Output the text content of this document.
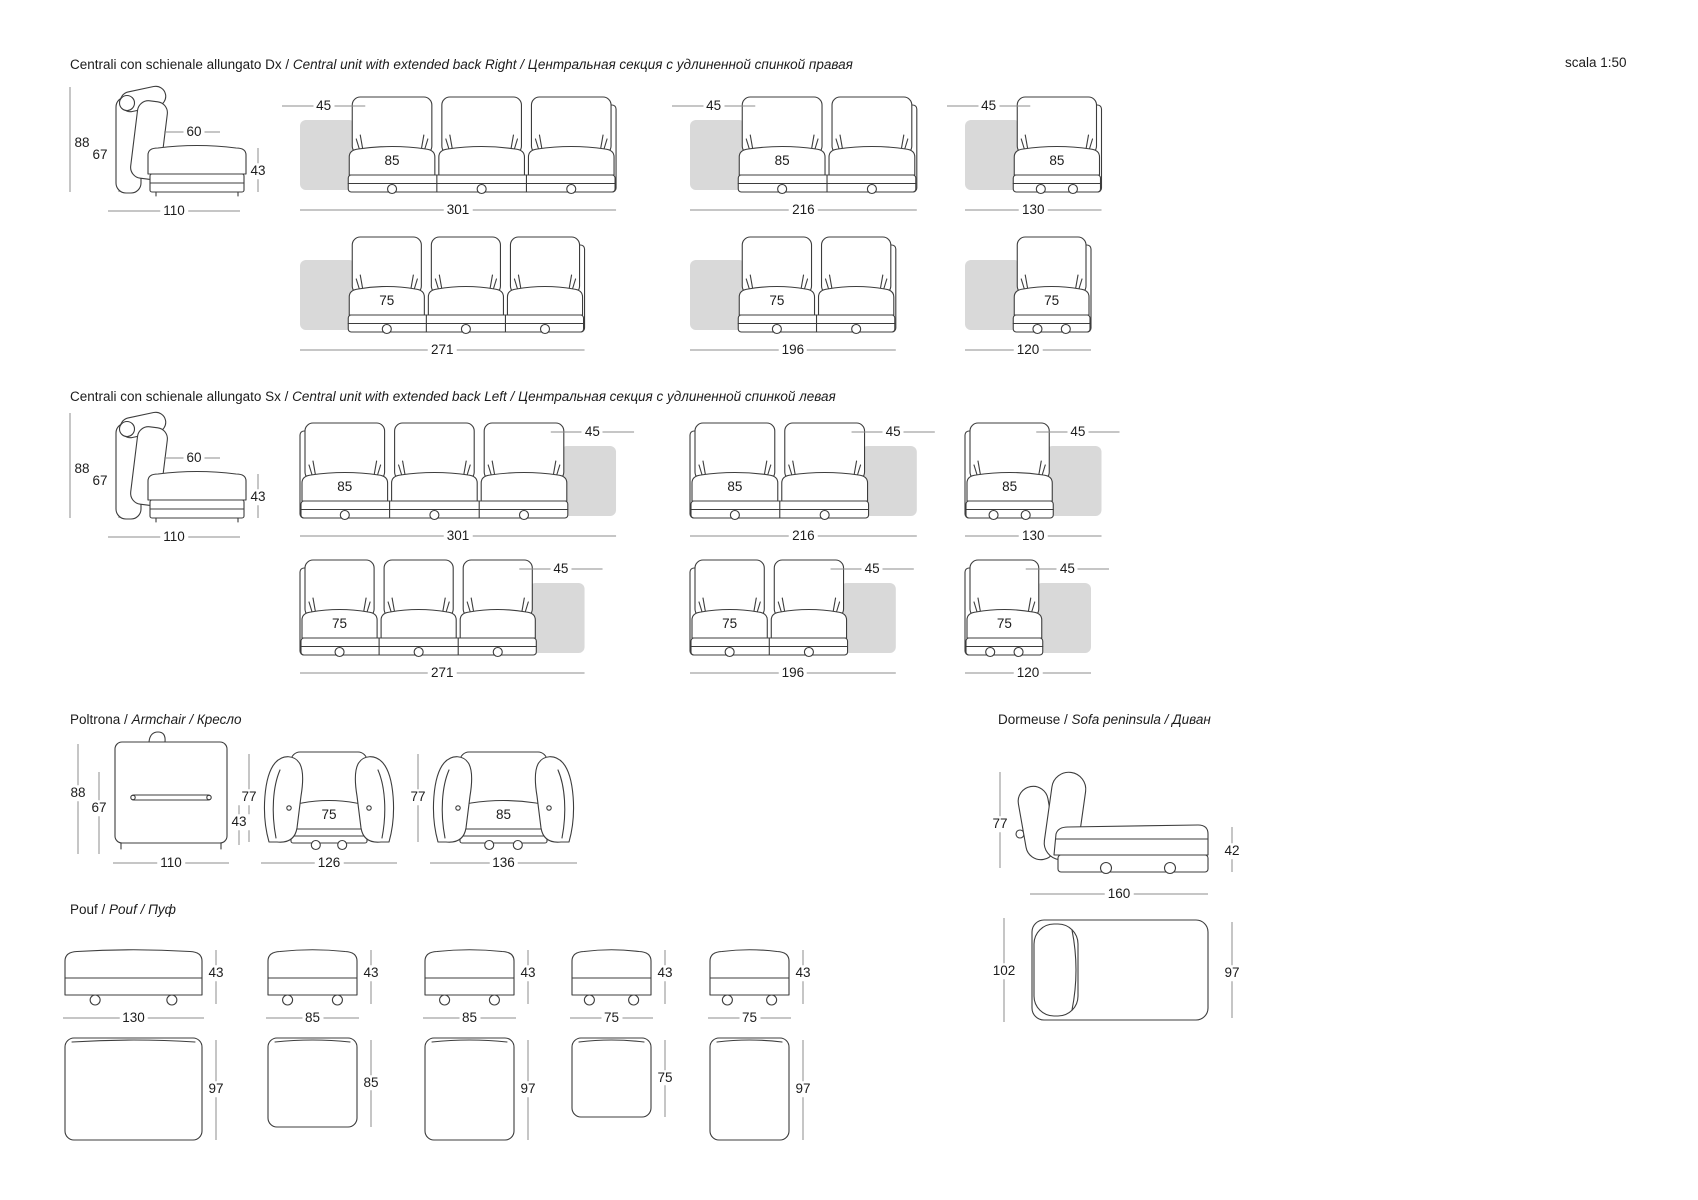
Centrali con schienale allungato Dx / Central unit with extended back Right / Центральная секция с удлиненной спинкой правая
Centrali con schienale allungato Sx / Central unit with extended back Left / Центральная секция с удлиненной спинкой левая
Poltrona / Armchair / Кресло	Dormeuse / Sofa peninsula / Диван
Pouf / Pouf / Пуф
scala 1:50
88
67
60
43
110
88
67
60
43
110
45
85
301
45
85
216
45
85
130
75
271
75
196
75
120
45
85
301
45
85
216
45
85
130
45
75
271
45
75
196
45
75
120
88
67
43
110
77
75
126
77
85
136
77
42
160
102	97
43
130
97
43
85
85
43
85
97
43
75
75
43
75
97
